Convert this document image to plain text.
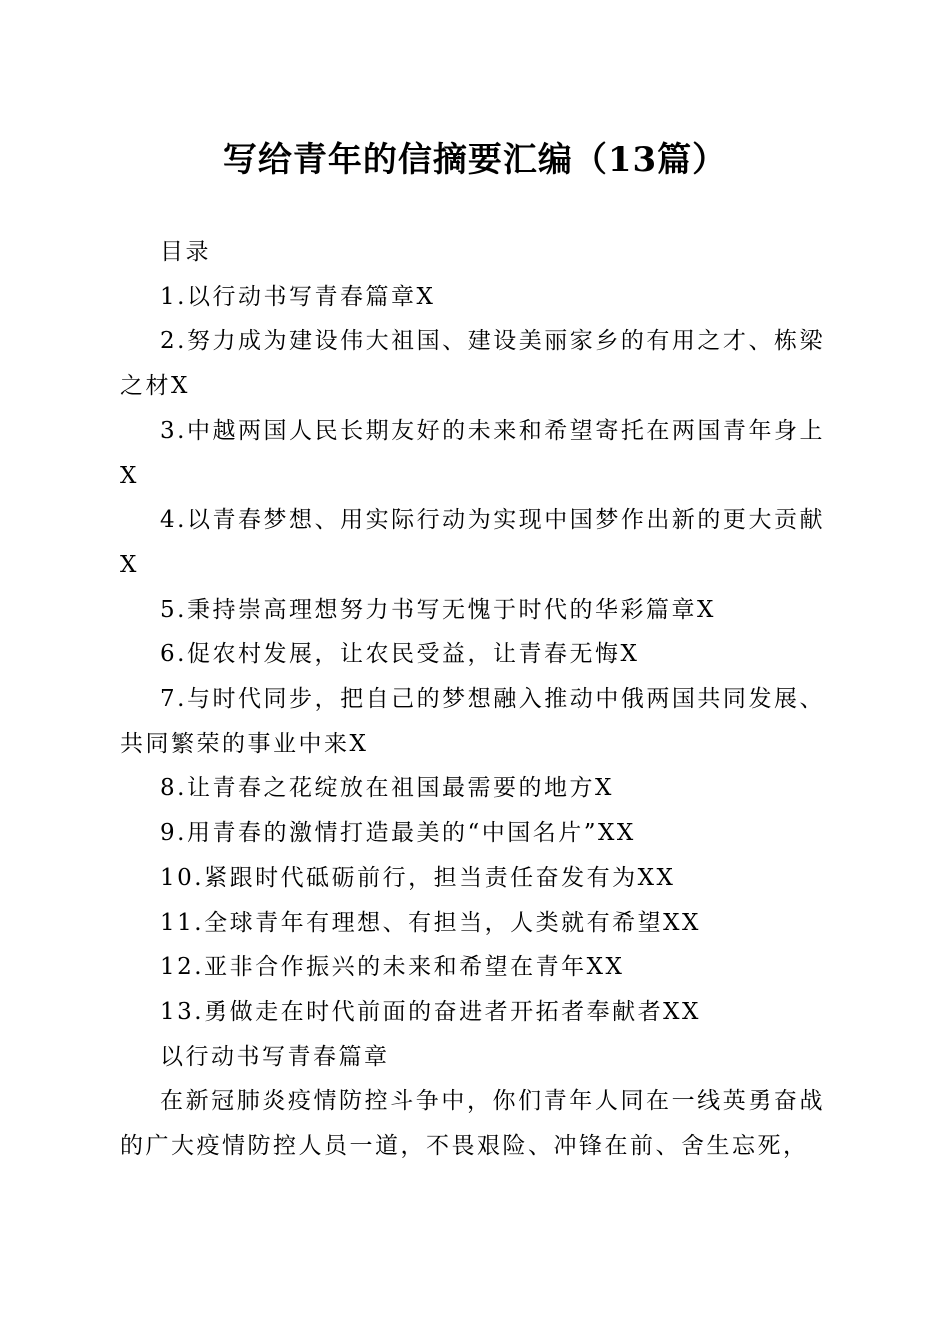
写给青年的信摘要汇编（13篇）

目录

1.以行动书写青春篇章X

2.努力成为建设伟大祖国、建设美丽家乡的有用之才、栋梁之材X

3.中越两国人民长期友好的未来和希望寄托在两国青年身上X

4.以青春梦想、用实际行动为实现中国梦作出新的更大贡献X

5.秉持崇高理想努力书写无愧于时代的华彩篇章X

6.促农村发展，让农民受益，让青春无悔X

7.与时代同步，把自己的梦想融入推动中俄两国共同发展、共同繁荣的事业中来X

8.让青春之花绽放在祖国最需要的地方X

9.用青春的激情打造最美的“中国名片”XX

10.紧跟时代砥砺前行，担当责任奋发有为XX

11.全球青年有理想、有担当，人类就有希望XX

12.亚非合作振兴的未来和希望在青年XX

13.勇做走在时代前面的奋进者开拓者奉献者XX

以行动书写青春篇章

在新冠肺炎疫情防控斗争中，你们青年人同在一线英勇奋战的广大疫情防控人员一道，不畏艰险、冲锋在前、舍生忘死，
